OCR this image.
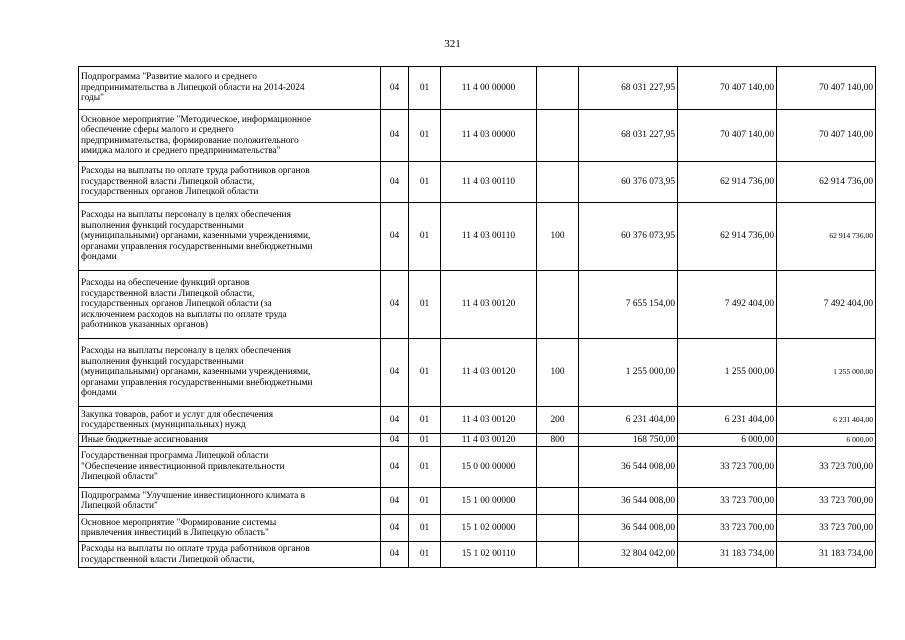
321
Подпрограмма "Развитие малого и среднего
предпринимательства в Липецкой области на 2014-2024
годы"	04	01	11 4 00 00000		68 031 227,95	70 407 140,00	70 407 140,00
Основное мероприятие "Методическое, информационное
обеспечение сферы малого и среднего
предпринимательства, формирование положительного
имиджа малого и среднего предпринимательства"	04	01	11 4 03 00000		68 031 227,95	70 407 140,00	70 407 140,00
Расходы на выплаты по оплате труда работников органов
государственной власти Липецкой области,
государственных органов Липецкой области	04	01	11 4 03 00110		60 376 073,95	62 914 736,00	62 914 736,00
Расходы на выплаты персоналу в целях обеспечения
выполнения функций государственными
(муниципальными) органами, казенными учреждениями,
органами управления государственными внебюджетными
фондами	04	01	11 4 03 00110	100	60 376 073,95	62 914 736,00	62 914 736,00
Расходы на обеспечение функций органов
государственной власти Липецкой области,
государственных органов Липецкой области (за
исключением расходов на выплаты по оплате труда
работников указанных органов)	04	01	11 4 03 00120		7 655 154,00	7 492 404,00	7 492 404,00
Расходы на выплаты персоналу в целях обеспечения
выполнения функций государственными
(муниципальными) органами, казенными учреждениями,
органами управления государственными внебюджетными
фондами	04	01	11 4 03 00120	100	1 255 000,00	1 255 000,00	1 255 000,00
Закупка товаров, работ и услуг для обеспечения
государственных (муниципальных) нужд	04	01	11 4 03 00120	200	6 231 404,00	6 231 404,00	6 231 404,00
Иные бюджетные ассигнования	04	01	11 4 03 00120	800	168 750,00	6 000,00	6 000,00
Государственная программа Липецкой области
"Обеспечение инвестиционной привлекательности
Липецкой области"	04	01	15 0 00 00000		36 544 008,00	33 723 700,00	33 723 700,00
Подпрограмма "Улучшение инвестиционного климата в
Липецкой области"	04	01	15 1 00 00000		36 544 008,00	33 723 700,00	33 723 700,00
Основное мероприятие "Формирование системы
привлечения инвестиций в Липецкую область"	04	01	15 1 02 00000		36 544 008,00	33 723 700,00	33 723 700,00
Расходы на выплаты по оплате труда работников органов
государственной власти Липецкой области,	04	01	15 1 02 00110		32 804 042,00	31 183 734,00	31 183 734,00
